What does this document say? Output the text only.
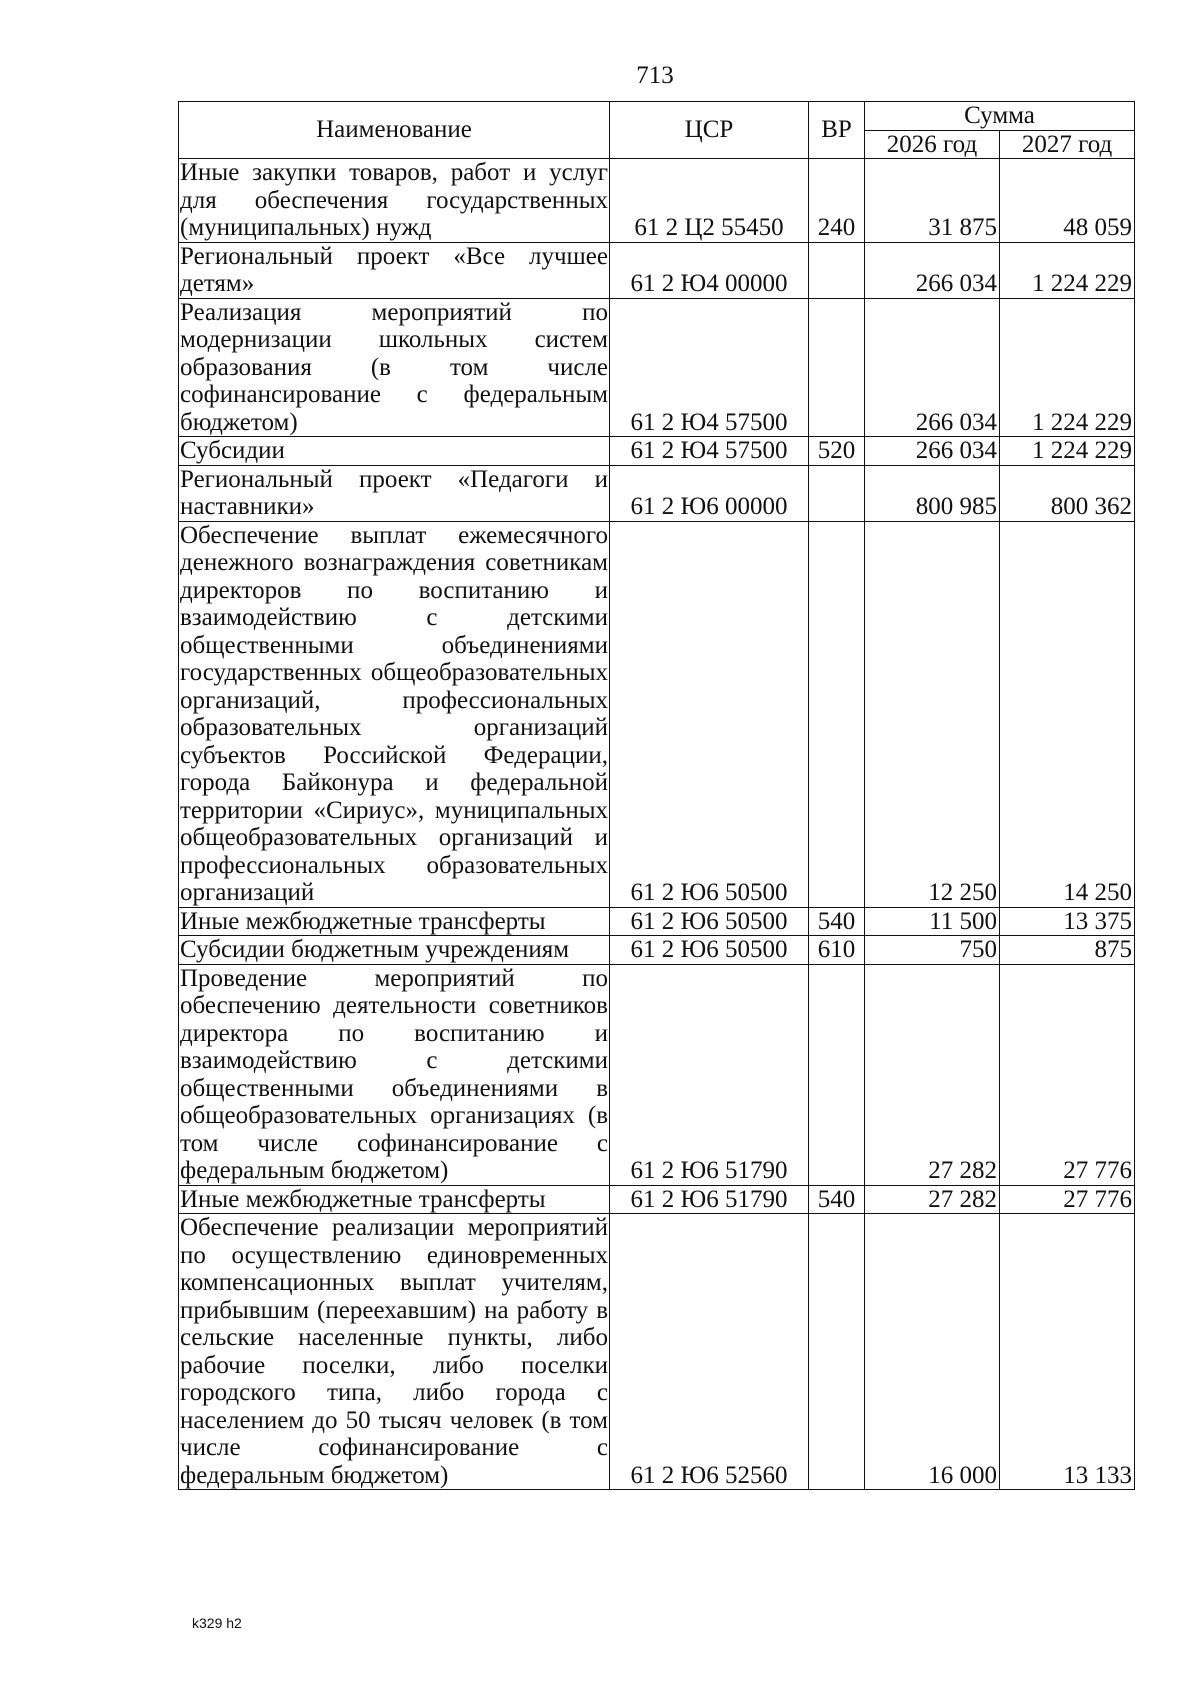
713
Наименование	ЦСР	ВР	Сумма	
			2026 год	2027 год
Иные закупки товаров, работ и услуг для обеспечения государственных (муниципальных) нужд	61 2 Ц2 55450	240	31 875	48 059
Региональный проект «Все лучшее детям»	61 2 Ю4 00000		266 034	1 224 229
Реализация мероприятий по модернизации школьных систем образования (в том числе софинансирование с федеральным бюджетом)	61 2 Ю4 57500		266 034	1 224 229
Субсидии	61 2 Ю4 57500	520	266 034	1 224 229
Региональный проект «Педагоги и наставники»	61 2 Ю6 00000		800 985	800 362
Обеспечение выплат ежемесячного денежного вознаграждения советникам директоров по воспитанию и взаимодействию с детскими общественными объединениями государственных общеобразовательных организаций, профессиональных образовательных организаций субъектов Российской Федерации, города Байконура и федеральной территории «Сириус», муниципальных общеобразовательных организаций и профессиональных образовательных организаций	61 2 Ю6 50500		12 250	14 250
Иные межбюджетные трансферты	61 2 Ю6 50500	540	11 500	13 375
Субсидии бюджетным учреждениям	61 2 Ю6 50500	610	750	875
Проведение мероприятий по обеспечению деятельности советников директора по воспитанию и взаимодействию с детскими общественными объединениями в общеобразовательных организациях (в том числе софинансирование с федеральным бюджетом)	61 2 Ю6 51790		27 282	27 776
Иные межбюджетные трансферты	61 2 Ю6 51790	540	27 282	27 776
Обеспечение реализации мероприятий по осуществлению единовременных компенсационных выплат учителям, прибывшим (переехавшим) на работу в сельские населенные пункты, либо рабочие поселки, либо поселки городского типа, либо города с населением до 50 тысяч человек (в том числе софинансирование с федеральным бюджетом)	61 2 Ю6 52560		16 000	13 133
k329 h2
